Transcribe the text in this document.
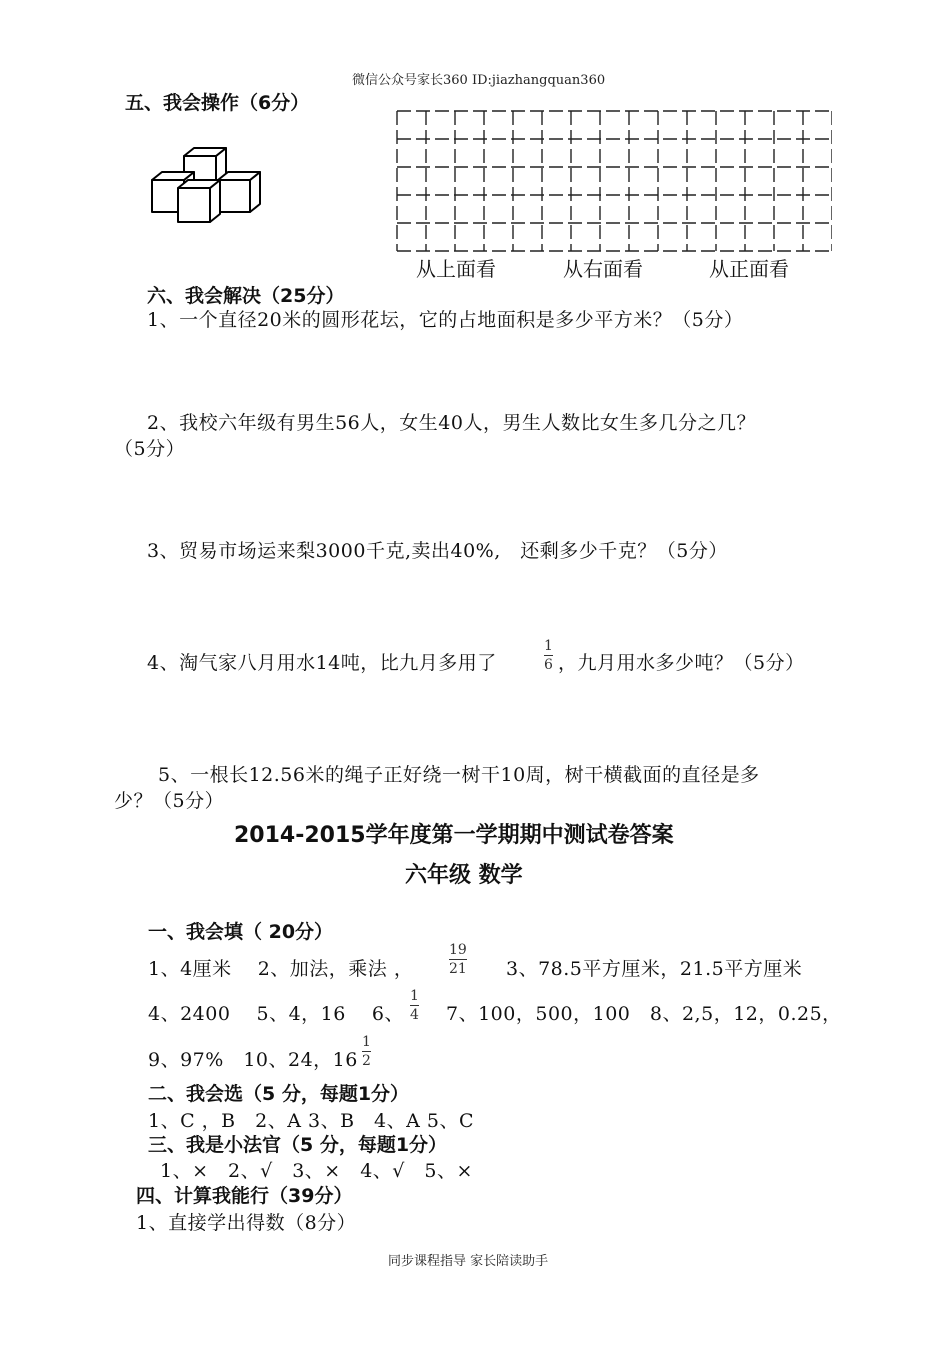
微信公众号家长360 ID:jiazhangquan360
五、我会操作（6分）
从上面看	从右面看	从正面看
六、我会解决（25分）
1、一个直径20米的圆形花坛，它的占地面积是多少平方米？（5分）
2、我校六年级有男生56人，女生40人，男生人数比女生多几分之几？
（5分）
3、贸易市场运来梨3000千克,卖出40%,　还剩多少千克？（5分）
4、淘气家八月用水14吨，比九月多用了
1
6 ，九月用水多少吨？（5分）
5、一根长12.56米的绳子正好绕一树干10周，树干横截面的直径是多
少？（5分）
2014-2015学年度第一学期期中测试卷答案
六年级 数学
一、我会填（ 20分）
1、4厘米　 2、加法，乘法 ，
19
21 3、78.5平方厘米，21.5平方厘米
4、2400　 5、4，16　 6、
1
4 7、100，500，100　8、2,5，12，0.25，
9、97%　10、24，16
1
2
二、我会选（5 分，每题1分）
1、C ，B　2、A 3、B　4、A 5、C
三、我是小法官（5 分，每题1分）
1、×　2、√　3、×　4、√　5、×
四、计算我能行（39分）
1、直接学出得数（8分）
同步课程指导 家长陪读助手
